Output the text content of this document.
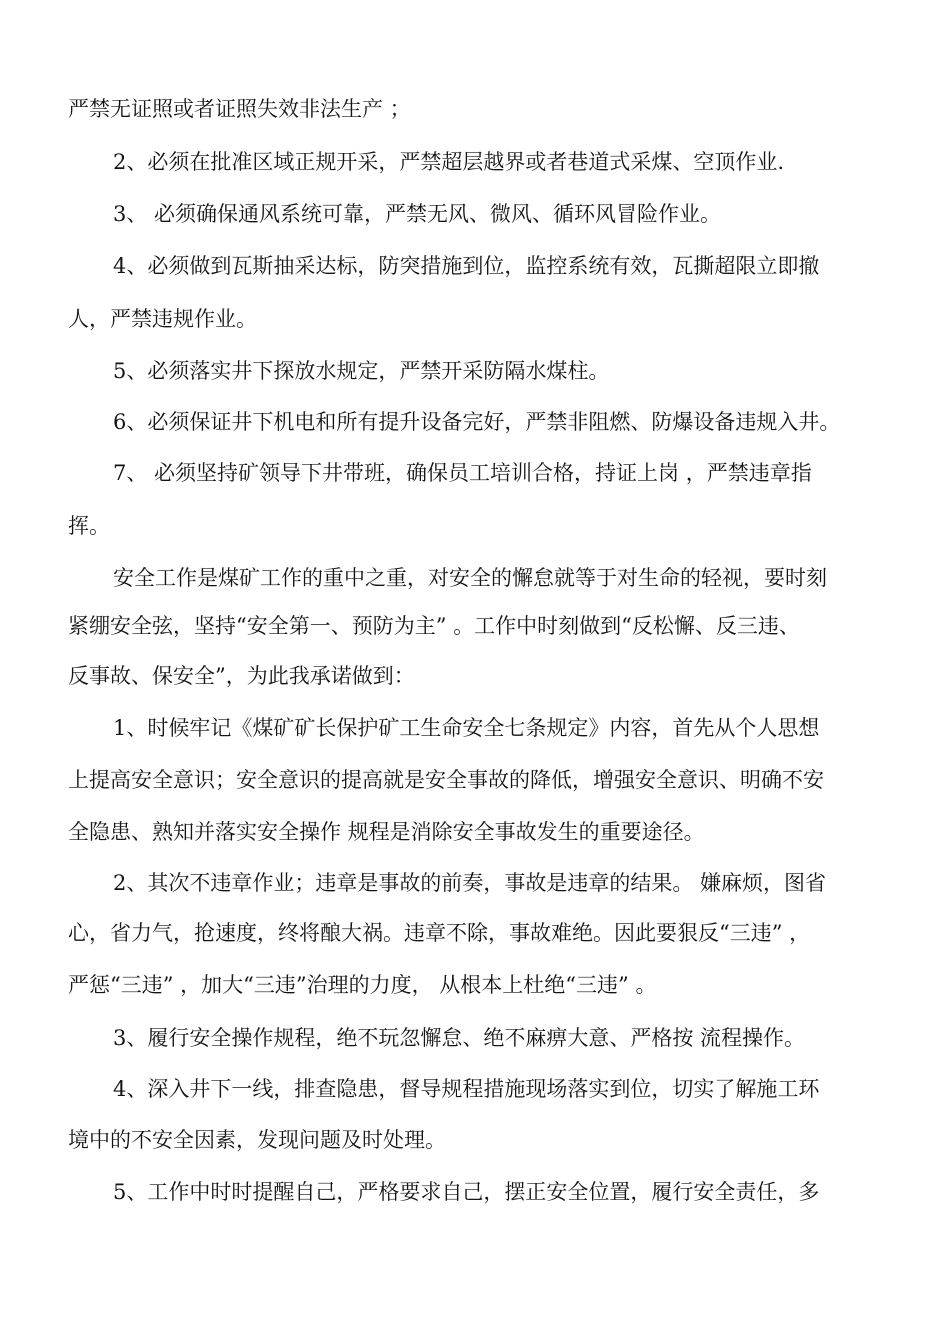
严禁无证照或者证照失效非法生产 ；
2、必须在批准区域正规开采，严禁超层越界或者巷道式采煤、空顶作业.
3、 必须确保通风系统可靠，严禁无风、微风、循环风冒险作业。
4、必须做到瓦斯抽采达标，防突措施到位，监控系统有效，瓦撕超限立即撤
人，严禁违规作业。
5、必须落实井下探放水规定，严禁开采防隔水煤柱。
6、必须保证井下机电和所有提升设备完好，严禁非阻燃、防爆设备违规入井。
7、 必须坚持矿领导下井带班，确保员工培训合格，持证上岗 ，严禁违章指
挥。
安全工作是煤矿工作的重中之重，对安全的懈怠就等于对生命的轻视，要时刻
紧绷安全弦，坚持“安全第一、预防为主” 。工作中时刻做到“反松懈、反三违、
反事故、保安全”，为此我承诺做到：
1、时候牢记《煤矿矿长保护矿工生命安全七条规定》内容，首先从个人思想
上提高安全意识；安全意识的提高就是安全事故的降低，增强安全意识、明确不安
全隐患、熟知并落实安全操作 规程是消除安全事故发生的重要途径。
2、其次不违章作业；违章是事故的前奏，事故是违章的结果。 嫌麻烦，图省
心，省力气，抢速度，终将酿大祸。违章不除，事故难绝。因此要狠反“三违” ，
严惩“三违” ，加大“三违”治理的力度， 从根本上杜绝“三违” 。
3、履行安全操作规程，绝不玩忽懈怠、绝不麻痹大意、严格按 流程操作。
4、深入井下一线，排查隐患，督导规程措施现场落实到位，切实了解施工环
境中的不安全因素，发现问题及时处理。
5、工作中时时提醒自己，严格要求自己，摆正安全位置，履行安全责任，多
